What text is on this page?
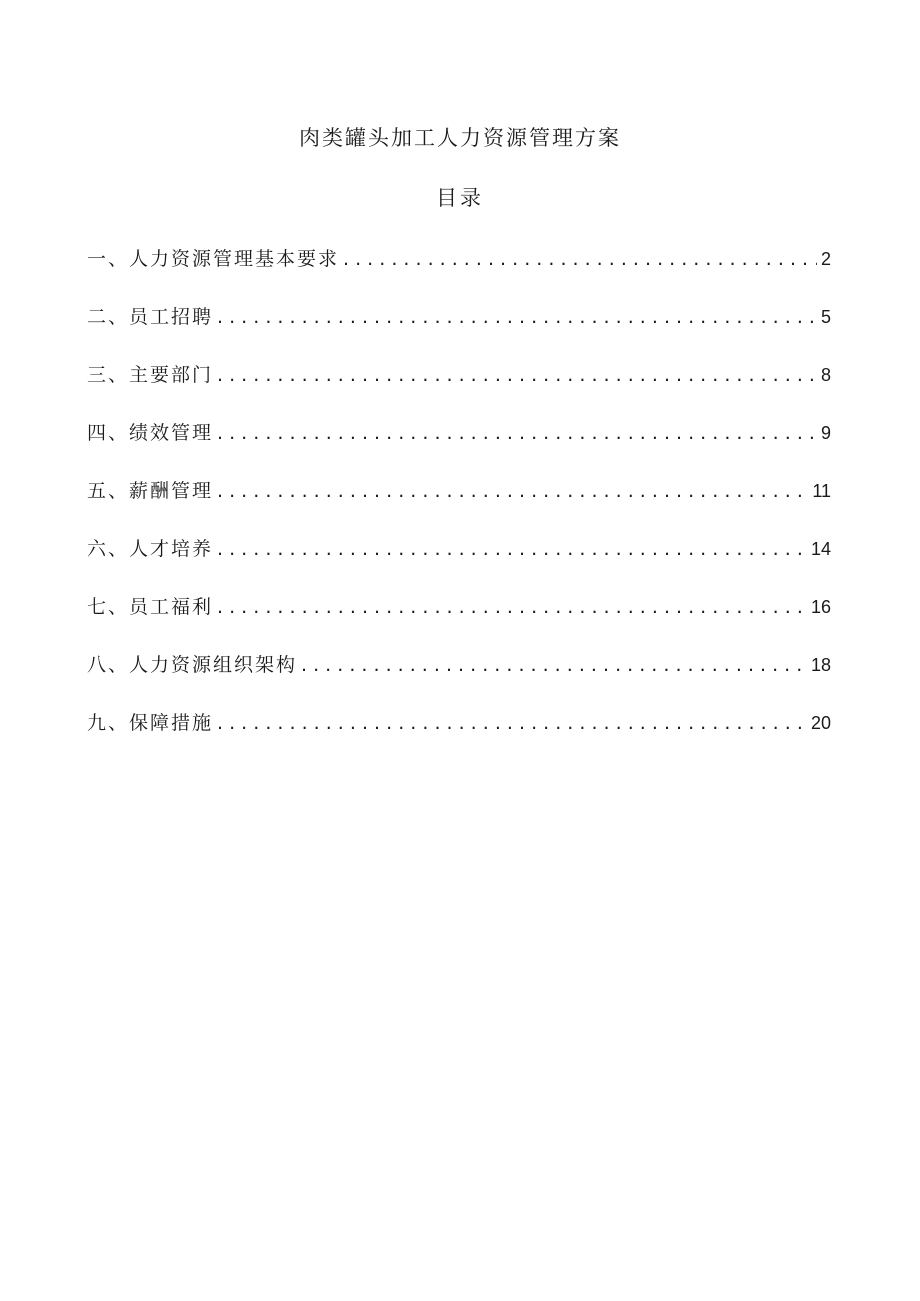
肉类罐头加工人力资源管理方案
目录
一、人力资源管理基本要求 . . .	2
二、员工招聘 . . .	5
三、主要部门 . . .	8
四、绩效管理 . . .	9
五、薪酬管理 . . .	11
六、人才培养 . . .	14
七、员工福利 . . .	16
八、人力资源组织架构 . . .	18
九、保障措施 . . .	20
